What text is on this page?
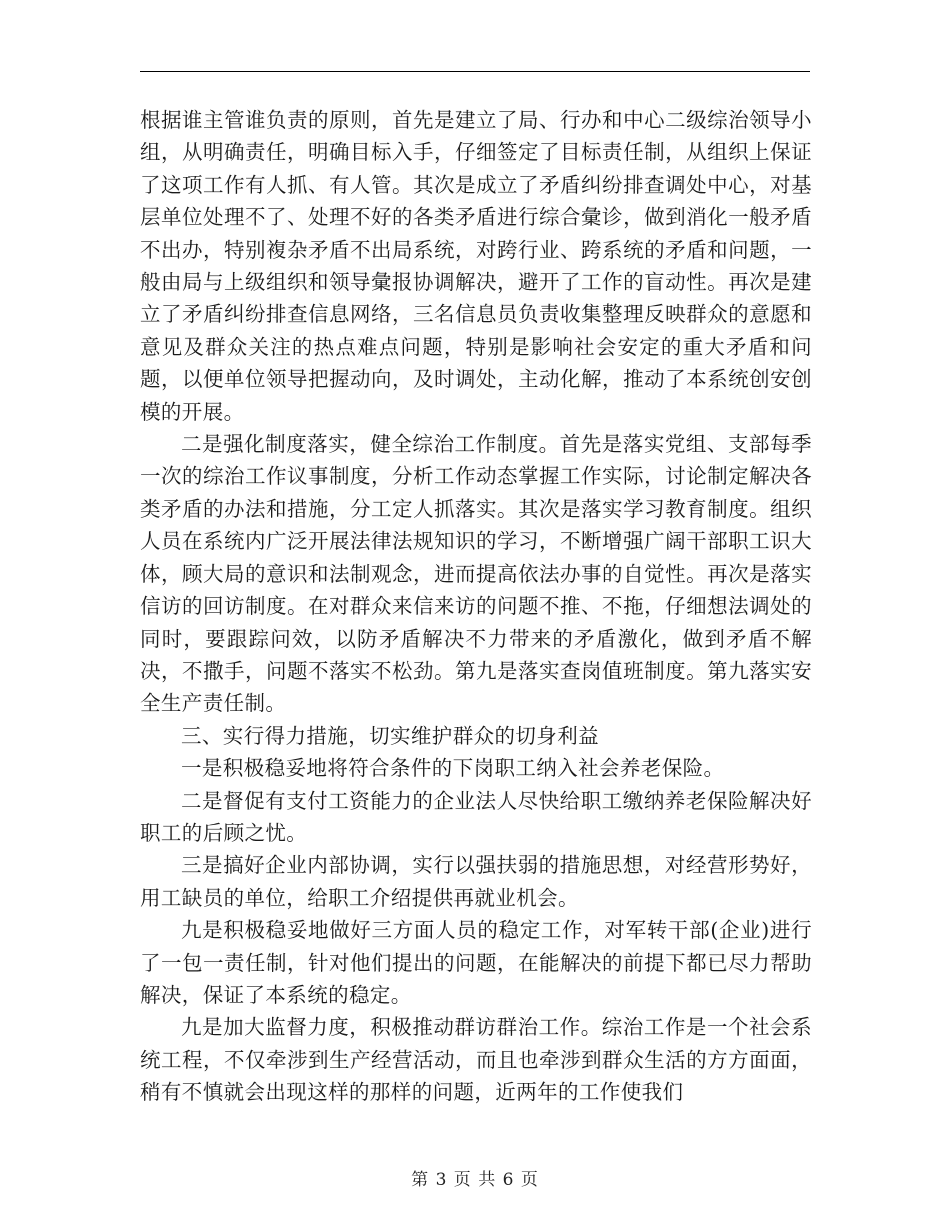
根据谁主管谁负责的原则，首先是建立了局、行办和中心二级综治领导小组，从明确责任，明确目标入手，仔细签定了目标责任制，从组织上保证了这项工作有人抓、有人管。其次是成立了矛盾纠纷排查调处中心，对基层单位处理不了、处理不好的各类矛盾进行综合彙诊，做到消化一般矛盾不出办，特别複杂矛盾不出局系统，对跨行业、跨系统的矛盾和问题，一般由局与上级组织和领导彙报协调解决，避开了工作的盲动性。再次是建立了矛盾纠纷排查信息网络，三名信息员负责收集整理反映群众的意愿和意见及群众关注的热点难点问题，特别是影响社会安定的重大矛盾和问题，以便单位领导把握动向，及时调处，主动化解，推动了本系统创安创模的开展。

二是强化制度落实，健全综治工作制度。首先是落实党组、支部每季一次的综治工作议事制度，分析工作动态掌握工作实际，讨论制定解决各类矛盾的办法和措施，分工定人抓落实。其次是落实学习教育制度。组织人员在系统内广泛开展法律法规知识的学习，不断增强广阔干部职工识大体，顾大局的意识和法制观念，进而提高依法办事的自觉性。再次是落实信访的回访制度。在对群众来信来访的问题不推、不拖，仔细想法调处的同时，要跟踪问效，以防矛盾解决不力带来的矛盾激化，做到矛盾不解决，不撒手，问题不落实不松劲。第九是落实查岗值班制度。第九落实安全生产责任制。

三、实行得力措施，切实维护群众的切身利益

一是积极稳妥地将符合条件的下岗职工纳入社会养老保险。

二是督促有支付工资能力的企业法人尽快给职工缴纳养老保险解决好职工的后顾之忧。

三是搞好企业内部协调，实行以强扶弱的措施思想，对经营形势好，用工缺员的单位，给职工介绍提供再就业机会。

九是积极稳妥地做好三方面人员的稳定工作，对军转干部(企业)进行了一包一责任制，针对他们提出的问题，在能解决的前提下都已尽力帮助解决，保证了本系统的稳定。

九是加大监督力度，积极推动群访群治工作。综治工作是一个社会系统工程，不仅牵涉到生产经营活动，而且也牵涉到群众生活的方方面面，稍有不慎就会出现这样的那样的问题，近两年的工作使我们

第 3 页 共 6 页
